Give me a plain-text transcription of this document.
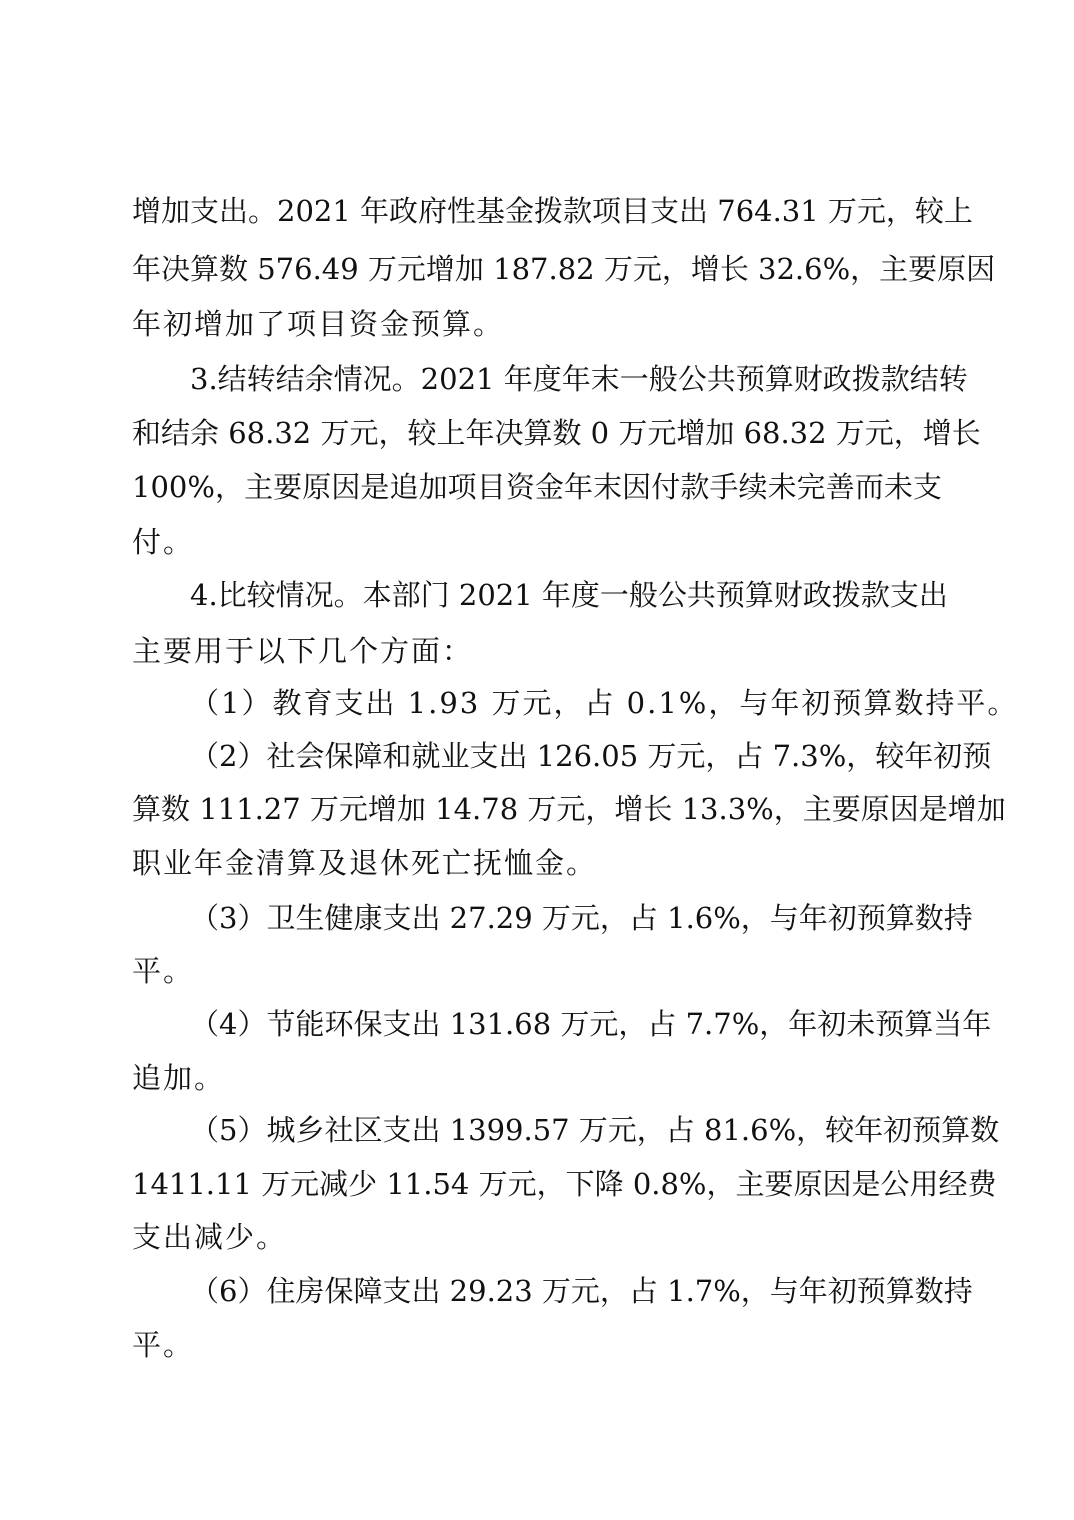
增加支出。2021 年政府性基金拨款项目支出 764.31 万元，较上
年决算数 576.49 万元增加 187.82 万元，增长 32.6%，主要原因
年初增加了项目资金预算。
3.结转结余情况。2021 年度年末一般公共预算财政拨款结转
和结余 68.32 万元，较上年决算数 0 万元增加 68.32 万元，增长
100%，主要原因是追加项目资金年末因付款手续未完善而未支
付。
4.比较情况。本部门 2021 年度一般公共预算财政拨款支出
主要用于以下几个方面：
（1）教育支出 1.93 万元，占 0.1%，与年初预算数持平。
（2）社会保障和就业支出 126.05 万元，占 7.3%，较年初预
算数 111.27 万元增加 14.78 万元，增长 13.3%，主要原因是增加
职业年金清算及退休死亡抚恤金。
（3）卫生健康支出 27.29 万元，占 1.6%，与年初预算数持
平。
（4）节能环保支出 131.68 万元，占 7.7%，年初未预算当年
追加。
（5）城乡社区支出 1399.57 万元，占 81.6%，较年初预算数
1411.11 万元减少 11.54 万元，下降 0.8%，主要原因是公用经费
支出减少。
（6）住房保障支出 29.23 万元，占 1.7%，与年初预算数持
平。
